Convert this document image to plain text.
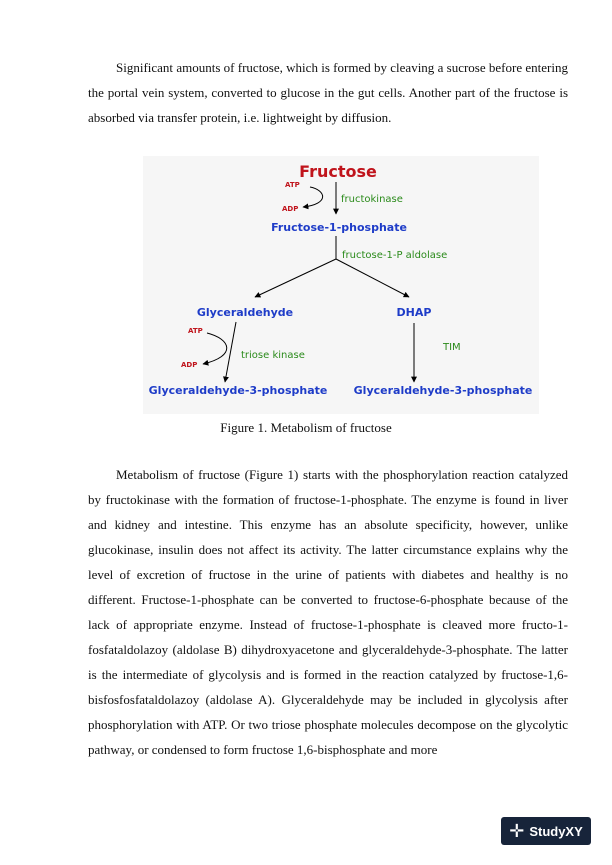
Significant amounts of fructose, which is formed by cleaving a sucrose before entering the portal vein system, converted to glucose in the gut cells. Another part of the fructose is absorbed via transfer protein, i.e. lightweight by diffusion.

Fructose
ATP
ADP
fructokinase
Fructose-1-phosphate
fructose-1-P aldolase
Glyceraldehyde	DHAP
ATP
ADP
triose kinase
TIM
Glyceraldehyde-3-phosphate Glyceraldehyde-3-phosphate
Figure 1. Metabolism of fructose

Metabolism of fructose (Figure 1) starts with the phosphorylation reaction catalyzed by fructokinase with the formation of fructose-1-phosphate. The enzyme is found in liver and kidney and intestine. This enzyme has an absolute specificity, however, unlike glucokinase, insulin does not affect its activity. The latter circumstance explains why the level of excretion of fructose in the urine of patients with diabetes and healthy is no different. Fructose-1-phosphate can be converted to fructose-6-phosphate because of the lack of appropriate enzyme. Instead of fructose-1-phosphate is cleaved more fructo-1-fosfataldolazoy (aldolase B) dihydroxyacetone and glyceraldehyde-3-phosphate. The latter is the intermediate of glycolysis and is formed in the reaction catalyzed by fructose-1,6-bisfosfosfataldolazoy (aldolase A). Glyceraldehyde may be included in glycolysis after phosphorylation with ATP. Or two triose phosphate molecules decompose on the glycolytic pathway, or condensed to form fructose 1,6-bisphosphate and more

✛ StudyXY
